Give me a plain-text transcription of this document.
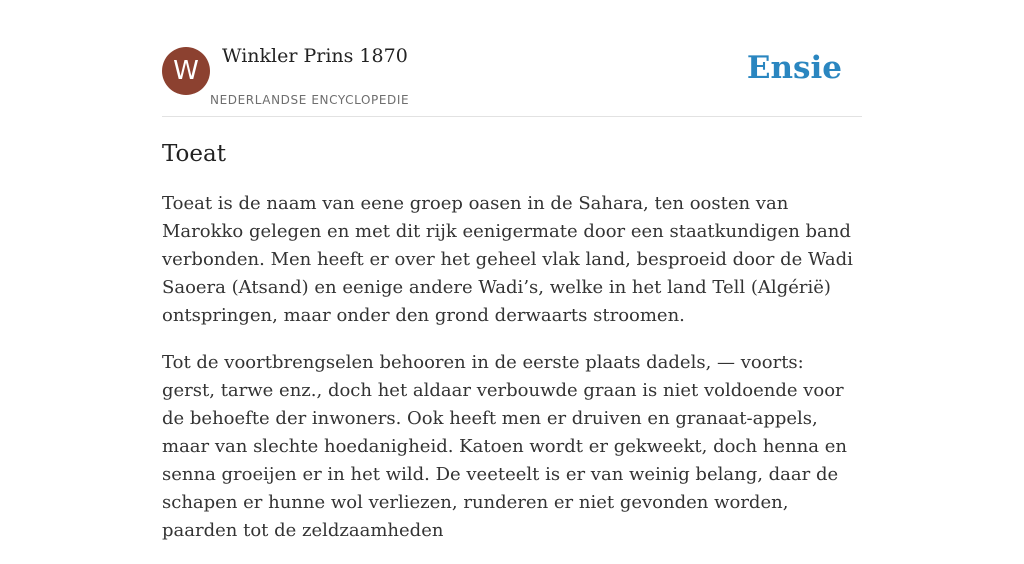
W	Winkler Prins 1870
NEDERLANDSE ENCYCLOPEDIE
Ensie
Toeat

Toeat is de naam van eene groep oasen in de Sahara, ten oosten van Marokko gelegen en met dit rijk eenigermate door een staatkundigen band verbonden. Men heeft er over het geheel vlak land, besproeid door de Wadi Saoera (Atsand) en eenige andere Wadi’s, welke in het land Tell (Algérië) ontspringen, maar onder den grond derwaarts stroomen.

Tot de voortbrengselen behooren in de eerste plaats dadels, — voorts: gerst, tarwe enz., doch het aldaar verbouwde graan is niet voldoende voor de behoefte der inwoners. Ook heeft men er druiven en granaat-appels, maar van slechte hoedanigheid. Katoen wordt er gekweekt, doch henna en senna groeijen er in het wild. De veeteelt is er van weinig belang, daar de schapen er hunne wol verliezen, runderen er niet gevonden worden, paarden tot de zeldzaamheden
